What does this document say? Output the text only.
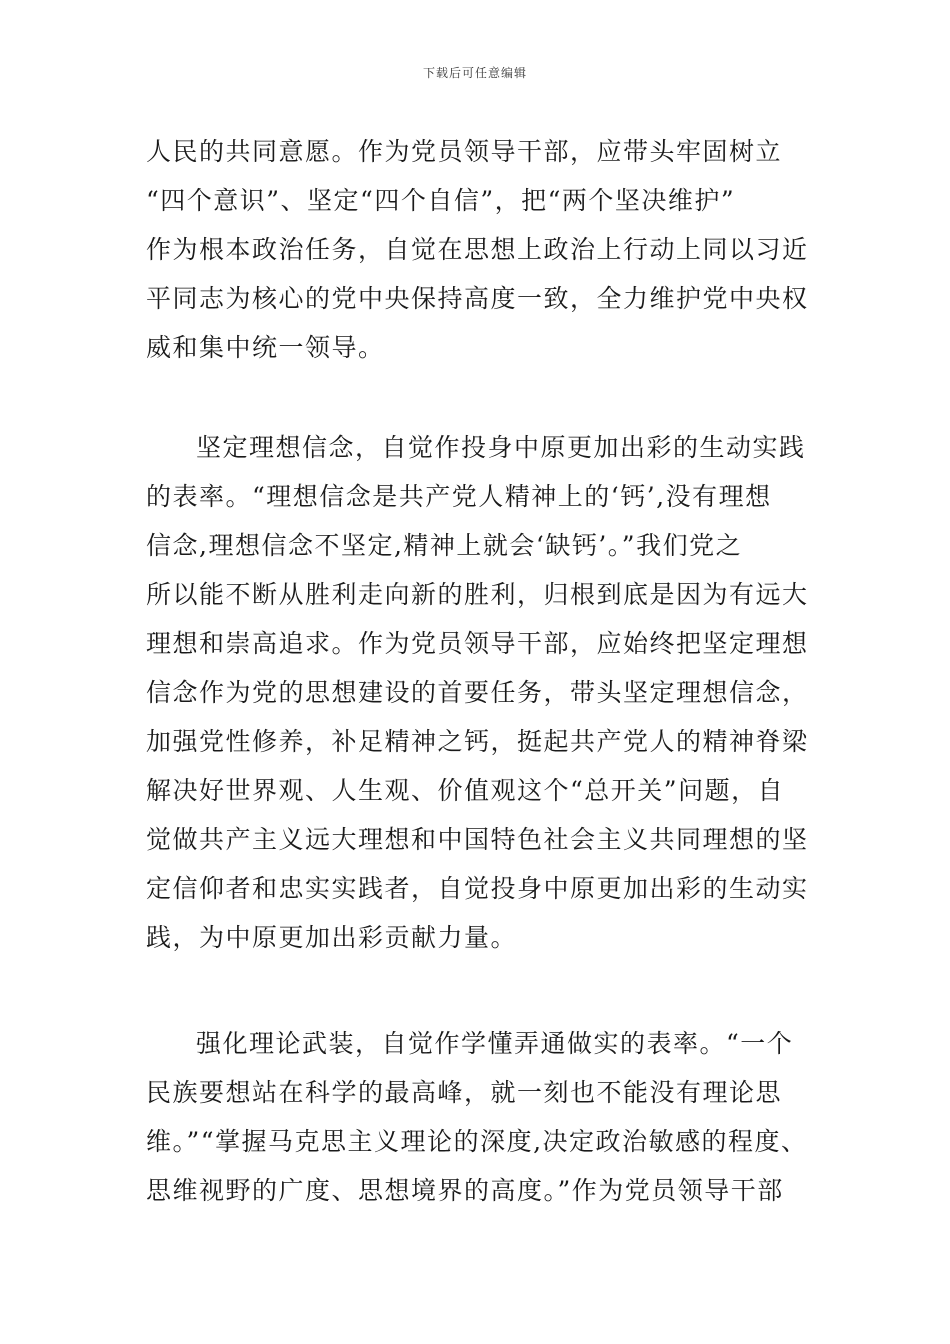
下载后可任意编辑
人民的共同意愿。作为党员领导干部，应带头牢固树立
“四个意识”、坚定“四个自信”，把“两个坚决维护”
作为根本政治任务，自觉在思想上政治上行动上同以习近
平同志为核心的党中央保持高度一致，全力维护党中央权
威和集中统一领导。
坚定理想信念，自觉作投身中原更加出彩的生动实践
的表率。“理想信念是共产党人精神上的‘钙’,没有理想
信念,理想信念不坚定,精神上就会‘缺钙’。”我们党之
所以能不断从胜利走向新的胜利，归根到底是因为有远大
理想和崇高追求。作为党员领导干部，应始终把坚定理想
信念作为党的思想建设的首要任务，带头坚定理想信念，
加强党性修养，补足精神之钙，挺起共产党人的精神脊梁
解决好世界观、人生观、价值观这个“总开关”问题，自
觉做共产主义远大理想和中国特色社会主义共同理想的坚
定信仰者和忠实实践者，自觉投身中原更加出彩的生动实
践，为中原更加出彩贡献力量。
强化理论武装，自觉作学懂弄通做实的表率。“一个
民族要想站在科学的最高峰，就一刻也不能没有理论思
维。”“掌握马克思主义理论的深度,决定政治敏感的程度、
思维视野的广度、思想境界的高度。”作为党员领导干部
